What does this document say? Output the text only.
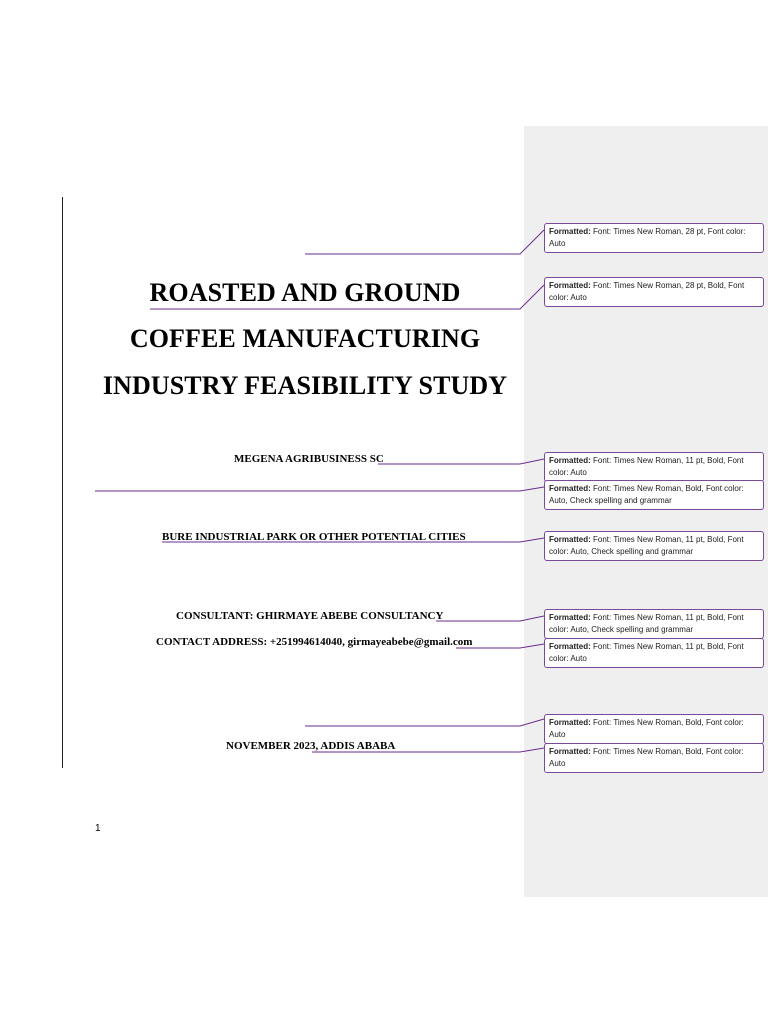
ROASTED AND GROUND
COFFEE MANUFACTURING
INDUSTRY FEASIBILITY STUDY
MEGENA AGRIBUSINESS SC
BURE INDUSTRIAL PARK OR OTHER POTENTIAL CITIES
CONSULTANT: GHIRMAYE ABEBE CONSULTANCY
CONTACT ADDRESS: +251994614040, girmayeabebe@gmail.com
NOVEMBER 2023, ADDIS ABABA
1
Formatted: Font: Times New Roman, 28 pt, Font color: Auto
Formatted: Font: Times New Roman, 28 pt, Bold, Font color: Auto
Formatted: Font: Times New Roman, 11 pt, Bold, Font color: Auto
Formatted: Font: Times New Roman, Bold, Font color: Auto, Check spelling and grammar
Formatted: Font: Times New Roman, 11 pt, Bold, Font color: Auto, Check spelling and grammar
Formatted: Font: Times New Roman, 11 pt, Bold, Font color: Auto, Check spelling and grammar
Formatted: Font: Times New Roman, 11 pt, Bold, Font color: Auto
Formatted: Font: Times New Roman, Bold, Font color: Auto
Formatted: Font: Times New Roman, Bold, Font color: Auto
